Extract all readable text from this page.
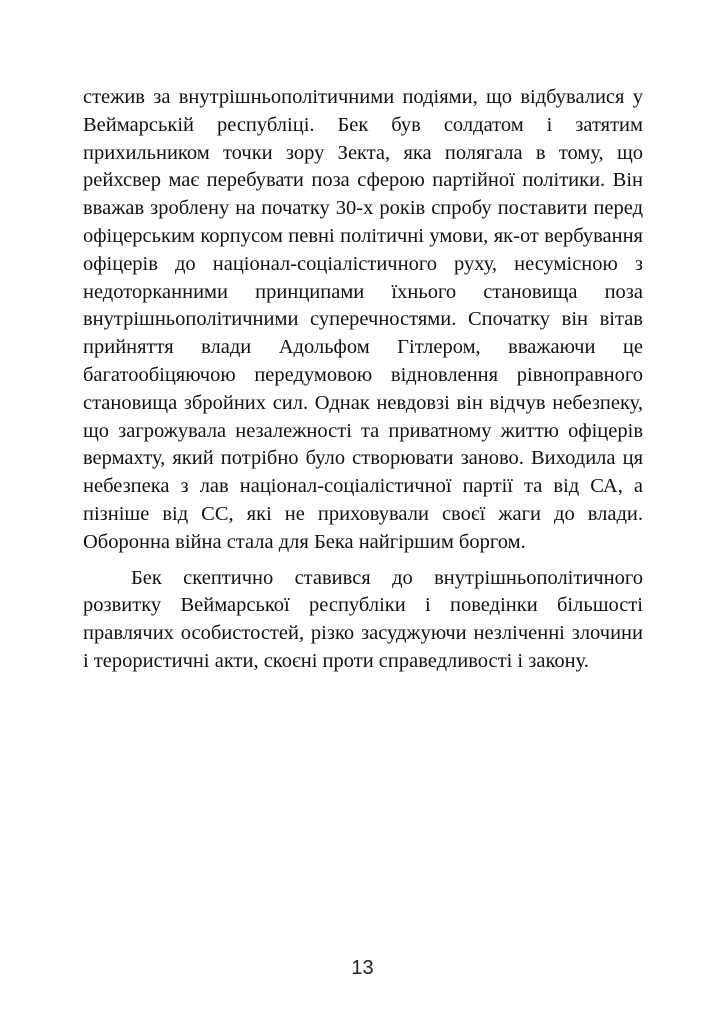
стежив за внутрішньополітичними подіями, що відбувалися у Веймарській республіці. Бек був солдатом і затятим прихильником точки зору Зекта, яка полягала в тому, що рейхсвер має перебувати поза сферою партійної політики. Він вважав зроблену на початку 30-х років спробу поставити перед офіцерським корпусом певні політичні умови, як-от вербування офіцерів до націонал-соціалістичного руху, несумісною з недоторканними принципами їхнього становища поза внутрішньополітичними суперечностями. Спочатку він вітав прийняття влади Адольфом Гітлером, вважаючи це багатообіцяючою передумовою відновлення рівноправного становища збройних сил. Однак невдовзі він відчув небезпеку, що загрожувала незалежності та приватному життю офіцерів вермахту, який потрібно було створювати заново. Виходила ця небезпека з лав націонал-соціалістичної партії та від СА, а пізніше від СС, які не приховували своєї жаги до влади. Оборонна війна стала для Бека найгіршим боргом.

Бек скептично ставився до внутрішньополітичного розвитку Веймарської республіки і поведінки більшості правлячих особистостей, різко засуджуючи незліченні злочини і терористичні акти, скоєні проти справедливості і закону.

13
